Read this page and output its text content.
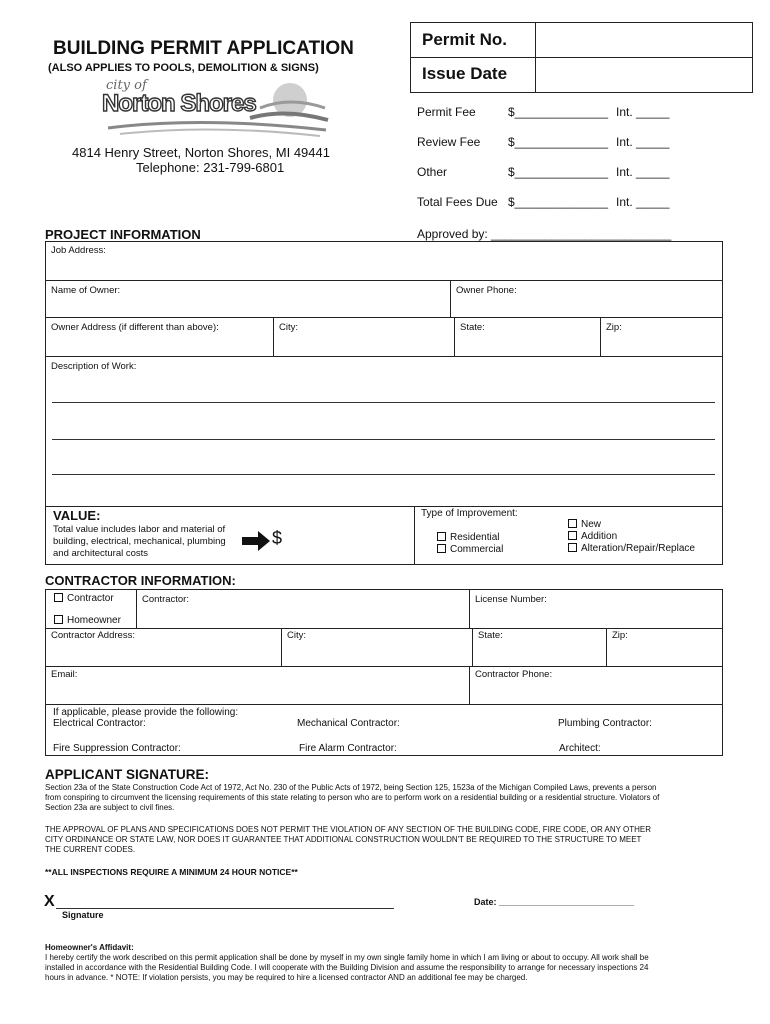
BUILDING PERMIT APPLICATION
(ALSO APPLIES TO POOLS, DEMOLITION & SIGNS)
city of
Norton Shores
4814 Henry Street, Norton Shores, MI 49441
Telephone: 231-799-6801
Permit No.
Issue Date
Permit Fee	$______________ Int. _____
Review Fee $______________ Int. _____
Other	$______________ Int. _____
Total Fees Due $______________ Int. _____
Approved by: ___________________________
PROJECT INFORMATION
Job Address:
Name of Owner:	Owner Phone:
Owner Address (if different than above):	City:	State:	Zip:
Description of Work:
VALUE:
Total value includes labor and material of
building, electrical, mechanical, plumbing
and architectural costs
$
Type of Improvement:
Residential
Commercial
New
Addition
Alteration/Repair/Replace
CONTRACTOR INFORMATION:
Contractor:	License Number:
Contractor
Homeowner
Contractor Address:	City:	State:	Zip:
Email:	Contractor Phone:
If applicable, please provide the following:
Electrical Contractor:	Mechanical Contractor:	Plumbing Contractor:
Fire Suppression Contractor:	Fire Alarm Contractor:	Architect:
APPLICANT SIGNATURE:
Section 23a of the State Construction Code Act of 1972, Act No. 230 of the Public Acts of 1972, being Section 125, 1523a of the Michigan Compiled Laws, prevents a person
from conspiring to circumvent the licensing requirements of this state relating to person who are to perform work on a residential building or a residential structure. Violators of
Section 23a are subject to civil fines.
THE APPROVAL OF PLANS AND SPECIFICATIONS DOES NOT PERMIT THE VIOLATION OF ANY SECTION OF THE BUILDING CODE, FIRE CODE, OR ANY OTHER
CITY ORDINANCE OR STATE LAW, NOR DOES IT GUARANTEE THAT ADDITIONAL CONSTRUCTION WOULDN'T BE REQUIRED TO THE STRUCTURE TO MEET
THE CURRENT CODES.
**ALL INSPECTIONS REQUIRE A MINIMUM 24 HOUR NOTICE**
X
Signature
Date: ___________________________
Homeowner's Affidavit:
I hereby certify the work described on this permit application shall be done by myself in my own single family home in which I am living or about to occupy. All work shall be
installed in accordance with the Residential Building Code. I will cooperate with the Building Division and assume the responsibility to arrange for necessary inspections 24
hours in advance. * NOTE: If violation persists, you may be required to hire a licensed contractor AND an additional fee may be charged.
